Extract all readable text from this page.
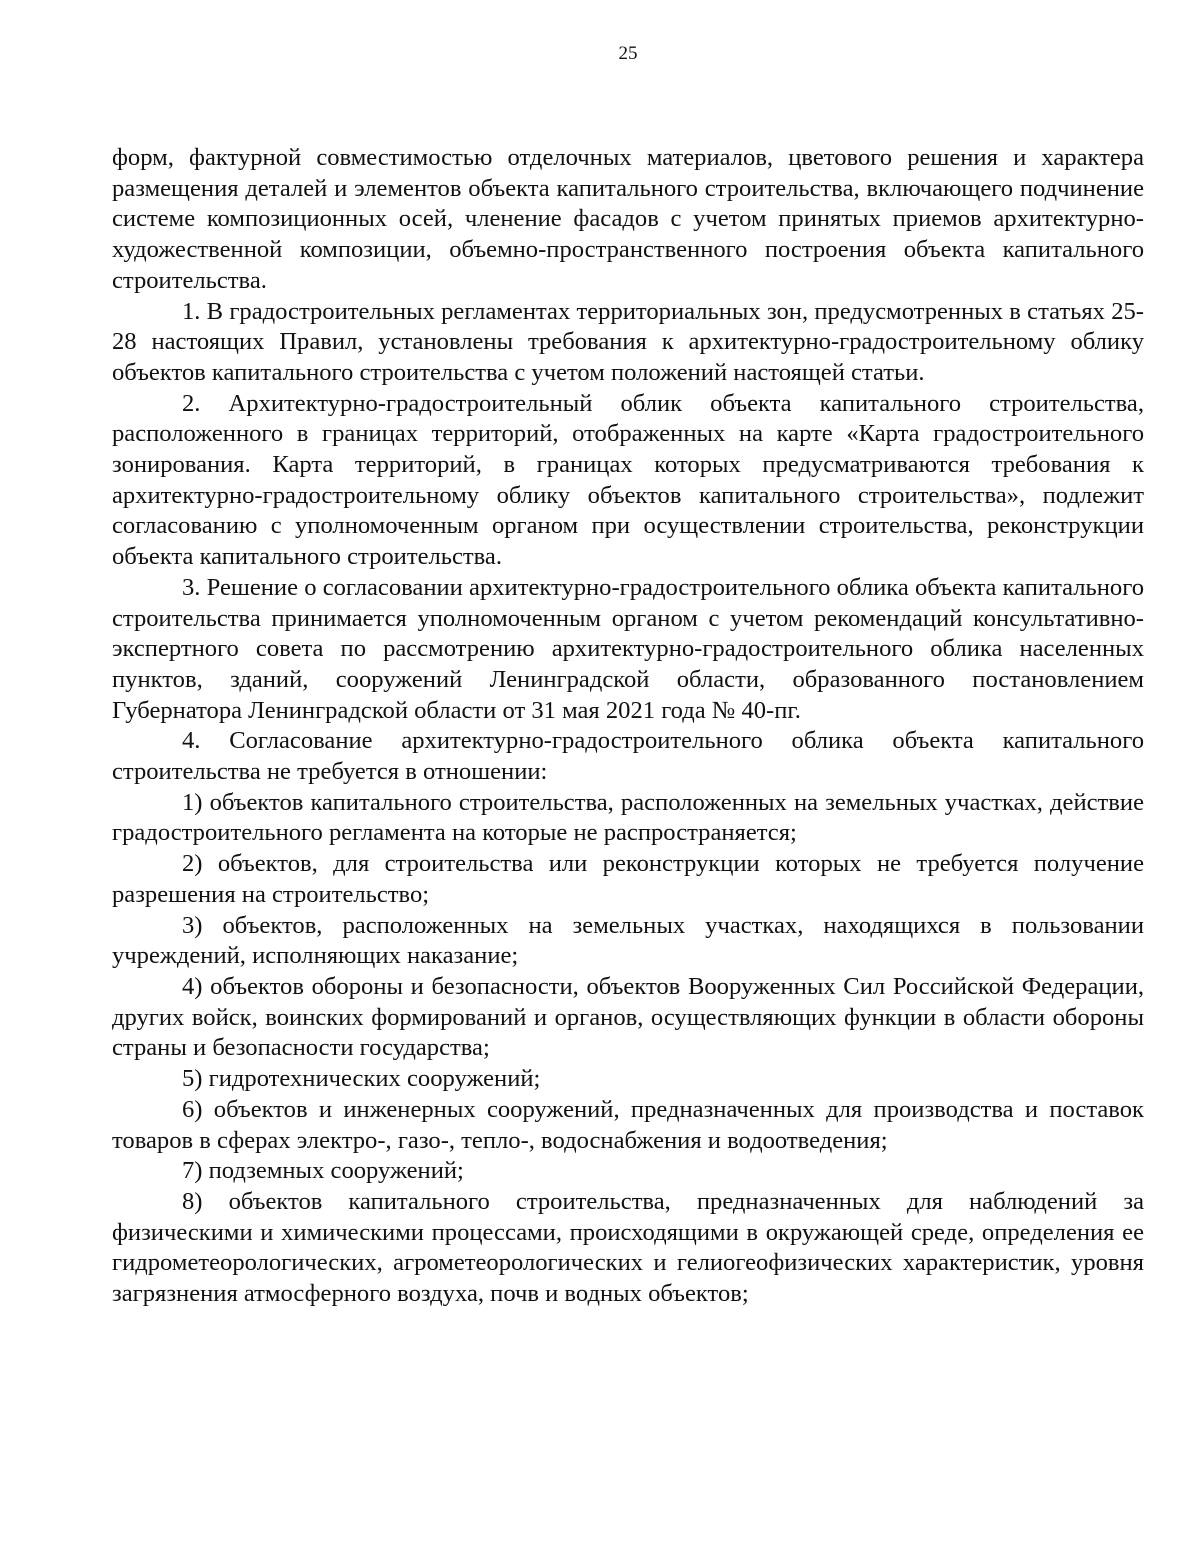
25

форм, фактурной совместимостью отделочных материалов, цветового решения и характера размещения деталей и элементов объекта капитального строительства, включающего подчинение системе композиционных осей, членение фасадов с учетом принятых приемов архитектурно-художественной композиции, объемно-пространственного построения объекта капитального строительства.

1. В градостроительных регламентах территориальных зон, предусмотренных в статьях 25-28 настоящих Правил, установлены требования к архитектурно-градостроительному облику объектов капитального строительства с учетом положений настоящей статьи.

2. Архитектурно-градостроительный облик объекта капитального строительства, расположенного в границах территорий, отображенных на карте «Карта градостроительного зонирования. Карта территорий, в границах которых предусматриваются требования к архитектурно-градостроительному облику объектов капитального строительства», подлежит согласованию с уполномоченным органом при осуществлении строительства, реконструкции объекта капитального строительства.

3. Решение о согласовании архитектурно-градостроительного облика объекта капитального строительства принимается уполномоченным органом с учетом рекомендаций консультативно-экспертного совета по рассмотрению архитектурно-градостроительного облика населенных пунктов, зданий, сооружений Ленинградской области, образованного постановлением Губернатора Ленинградской области от 31 мая 2021 года № 40-пг.

4. Согласование архитектурно-градостроительного облика объекта капитального строительства не требуется в отношении:

1) объектов капитального строительства, расположенных на земельных участках, действие градостроительного регламента на которые не распространяется;

2) объектов, для строительства или реконструкции которых не требуется получение разрешения на строительство;

3) объектов, расположенных на земельных участках, находящихся в пользовании учреждений, исполняющих наказание;

4) объектов обороны и безопасности, объектов Вооруженных Сил Российской Федерации, других войск, воинских формирований и органов, осуществляющих функции в области обороны страны и безопасности государства;

5) гидротехнических сооружений;

6) объектов и инженерных сооружений, предназначенных для производства и поставок товаров в сферах электро-, газо-, тепло-, водоснабжения и водоотведения;

7) подземных сооружений;

8) объектов капитального строительства, предназначенных для наблюдений за физическими и химическими процессами, происходящими в окружающей среде, определения ее гидрометеорологических, агрометеорологических и гелиогеофизических характеристик, уровня загрязнения атмосферного воздуха, почв и водных объектов;
